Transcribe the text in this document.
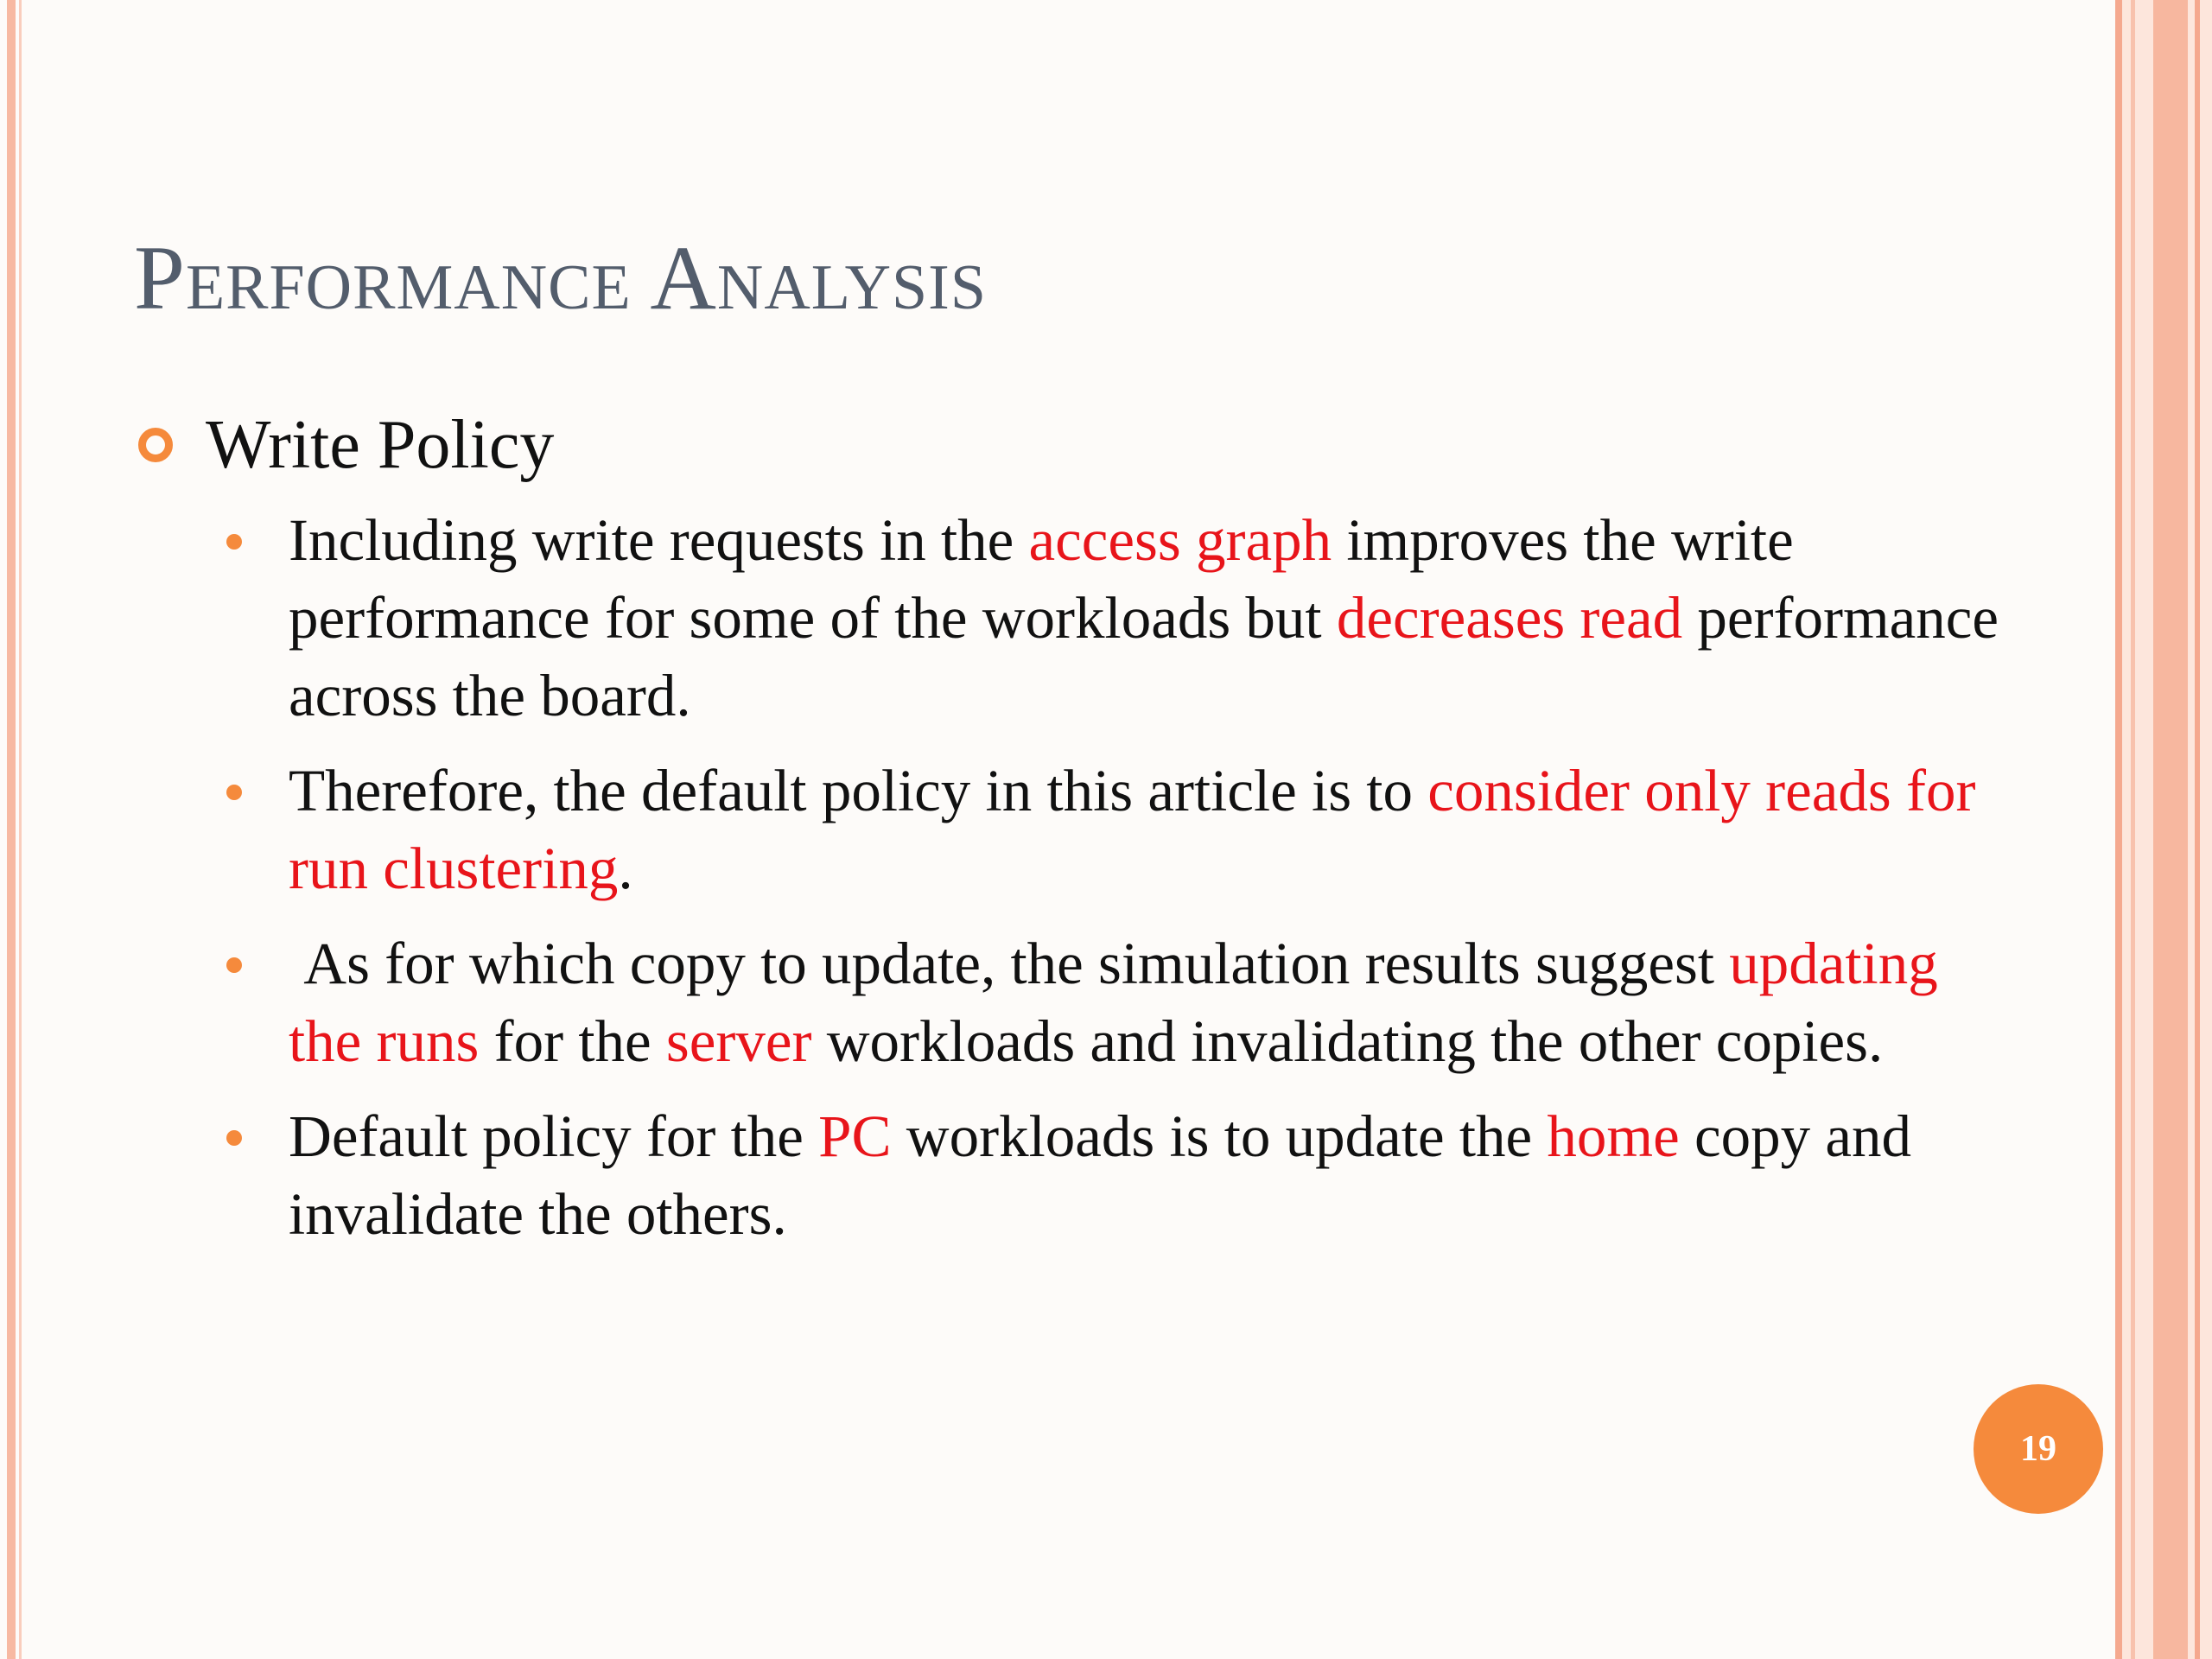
Performance Analysis
Write Policy
Including write requests in the access graph improves the write performance for some of the workloads but decreases read performance across the board.
Therefore, the default policy in this article is to consider only reads for run clustering.
As for which copy to update, the simulation results suggest updating the runs for the server workloads and invalidating the other copies.
Default policy for the PC workloads is to update the home copy and invalidate the others.
19
